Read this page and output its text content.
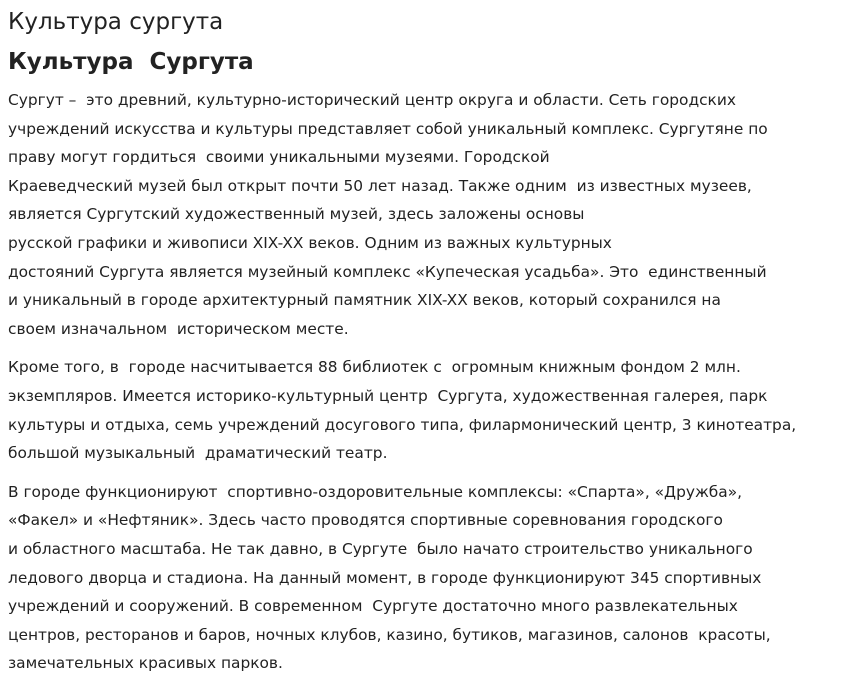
Культура сургута
Культура  Сургута
Сургут –  это древний, культурно-исторический центр округа и области. Сеть городских
учреждений искусства и культуры представляет собой уникальный комплекс. Сургутяне по
праву могут гордиться  своими уникальными музеями. Городской
Краеведческий музей был открыт почти 50 лет назад. Также одним  из известных музеев,
является Сургутский художественный музей, здесь заложены основы
русской графики и живописи XIX-XX веков. Одним из важных культурных
достояний Сургута является музейный комплекс «Купеческая усадьба». Это  единственный
и уникальный в городе архитектурный памятник XIX-XX веков, который сохранился на
своем изначальном  историческом месте.
Кроме того, в  городе насчитывается 88 библиотек с  огромным книжным фондом 2 млн.
экземпляров. Имеется историко-культурный центр  Сургута, художественная галерея, парк
культуры и отдыха, семь учреждений досугового типа, филармонический центр, 3 кинотеатра,
большой музыкальный  драматический театр.
В городе функционируют  спортивно-оздоровительные комплексы: «Спарта», «Дружба»,
«Факел» и «Нефтяник». Здесь часто проводятся спортивные соревнования городского
и областного масштаба. Не так давно, в Сургуте  было начато строительство уникального
ледового дворца и стадиона. На данный момент, в городе функционируют 345 спортивных
учреждений и сооружений. В современном  Сургуте достаточно много развлекательных
центров, ресторанов и баров, ночных клубов, казино, бутиков, магазинов, салонов  красоты,
замечательных красивых парков.
